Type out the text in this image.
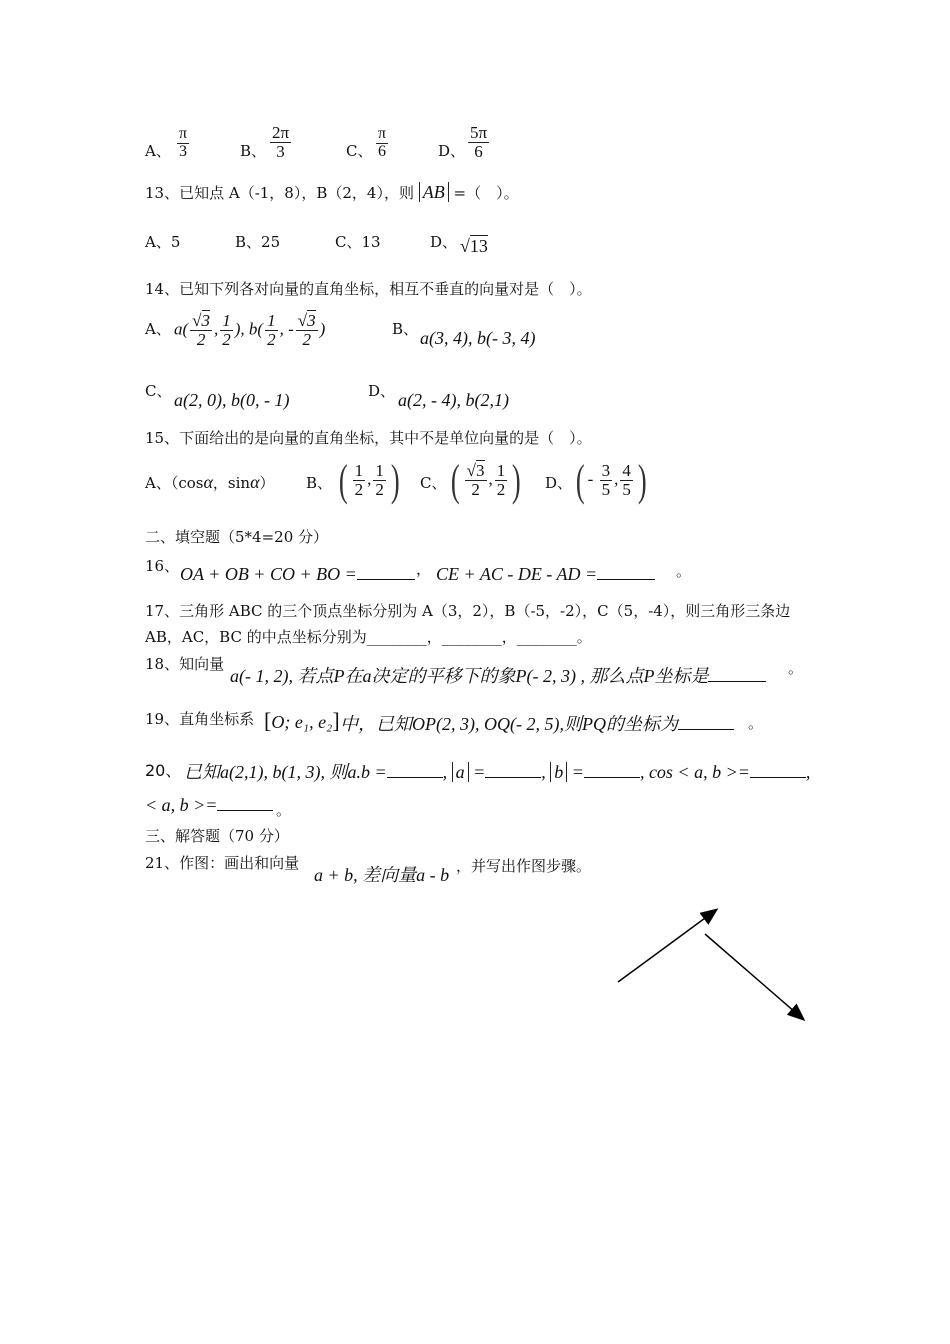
A、 $\frac{\pi}{3}$	B、 $\frac{2\pi}{3}$	C、 $\frac{\pi}{6}$	D、 $\frac{5\pi}{6}$
13、已知点 A（-1，8），B（2，4），则 AB =（　）。
A、5	B、25	C、13	D、 √13
14、已知下列各对向量的直角坐标，相互不垂直的向量对是（　）。
A、 $a( \frac{√3}{2}$ , $\frac{1}{2}$ ), $b( \frac{1}{2}$ , - $\frac{√3}{2}$ )	B、 a(3, 4), b(- 3, 4)
C、 a(2, 0), b(0, - 1)	D、 a(2, - 4), b(2,1)
15、下面给出的是向量的直角坐标，其中不是单位向量的是（　）。
A、（cosα，sinα） B、 ( $\frac{1}{2}$ , $\frac{1}{2}$ ) C、 ( $\frac{√3}{2}$ , $\frac{1}{2}$ ) D、 ( - $\frac{3}{5}$ , $\frac{4}{5}$ )
二、填空题（5*4=20 分）
16、 OA + OB + CO + BO =	， CE + AC - DE - AD =	。
17、三角形 ABC 的三个顶点坐标分别为 A（3，2），B（-5，-2），C（5，-4），则三角形三条边
AB，AC，BC 的中点坐标分别为________，________，________。
18、知向量
a(- 1, 2), 若点P在a决定的平移下的象P(- 2, 3) , 那么点P坐标是	。
19、直角坐标系 [O; e₁, e₂] 中，已知OP(2, 3), OQ(- 2, 5),则PQ的坐标为	。
20、 已知a(2,1), b(1, 3), 则a.b =	, a =	, b =	, cos < a, b >=	,
< a, b >=	。
三、解答题（70 分）
21、作图：画出和向量
a + b, 差向量a - b ，并写出作图步骤。
